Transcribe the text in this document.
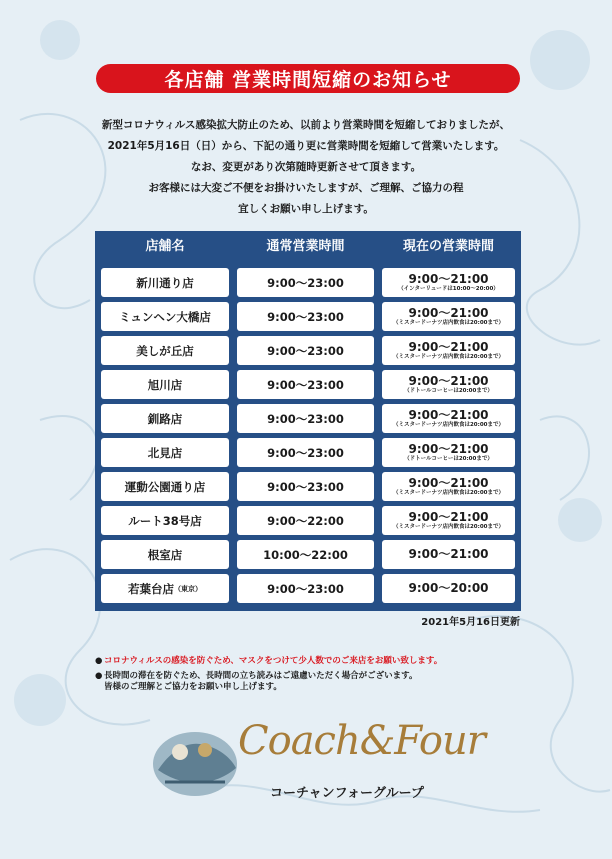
各店舗 営業時間短縮のお知らせ

新型コロナウィルス感染拡大防止のため、以前より営業時間を短縮しておりましたが、

2021年5月16日（日）から、下記の通り更に営業時間を短縮して営業いたします。

なお、変更があり次第随時更新させて頂きます。

お客様には大変ご不便をお掛けいたしますが、ご理解、ご協力の程

宜しくお願い申し上げます。

店舗名	通常営業時間	現在の営業時間
新川通り店	9:00〜23:00	9:00〜21:00
（インターリュードは10:00〜20:00）
ミュンヘン大橋店	9:00〜23:00	9:00〜21:00
（ミスタードーナツ店内飲食は20:00まで）
美しが丘店	9:00〜23:00	9:00〜21:00
（ミスタードーナツ店内飲食は20:00まで）
旭川店	9:00〜23:00	9:00〜21:00
（ドトールコーヒーは20:00まで）
釧路店	9:00〜23:00	9:00〜21:00
（ミスタードーナツ店内飲食は20:00まで）
北見店	9:00〜23:00	9:00〜21:00
（ドトールコーヒーは20:00まで）
運動公園通り店	9:00〜23:00	9:00〜21:00
（ミスタードーナツ店内飲食は20:00まで）
ルート38号店	9:00〜22:00	9:00〜21:00
（ミスタードーナツ店内飲食は20:00まで）
根室店	10:00〜22:00	9:00〜21:00
若葉台店 （東京）	9:00〜23:00	9:00〜20:00
2021年5月16日更新
● コロナウィルスの感染を防ぐため、マスクをつけて少人数でのご来店をお願い致します。
● 長時間の滞在を防ぐため、長時間の立ち読みはご遠慮いただく場合がございます。
皆様のご理解とご協力をお願い申し上げます。
Coach&Four
コーチャンフォーグループ
